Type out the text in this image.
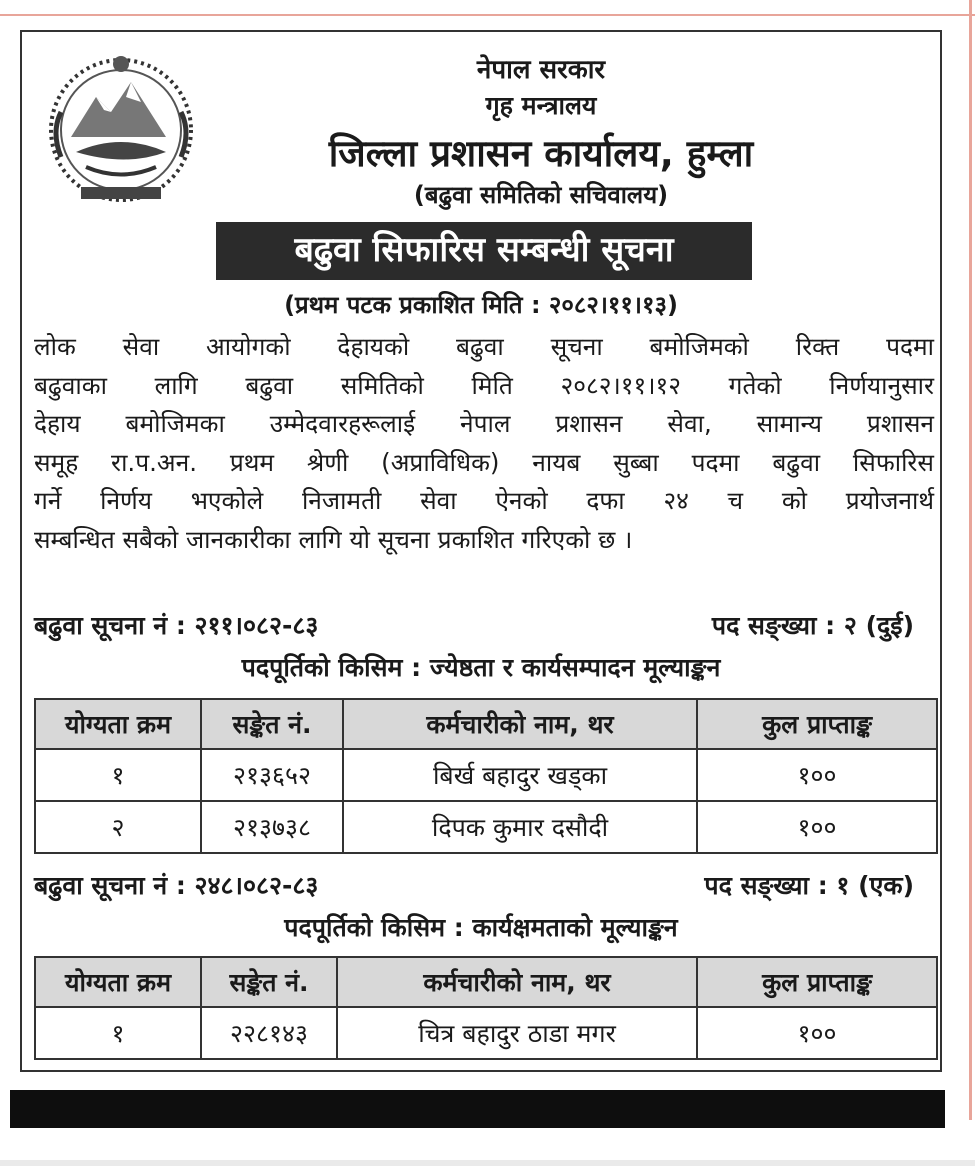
नेपाल सरकार
गृह मन्त्रालय
जिल्ला प्रशासन कार्यालय, हुम्ला
(बढुवा समितिको सचिवालय)
बढुवा सिफारिस सम्बन्धी सूचना
(प्रथम पटक प्रकाशित मिति : २०८२।११।१३)
लोक सेवा आयोगको देहायको बढुवा सूचना बमोजिमको रिक्त पदमा
बढुवाका लागि बढुवा समितिको मिति २०८२।११।१२ गतेको निर्णयानुसार
देहाय बमोजिमका उम्मेदवारहरूलाई नेपाल प्रशासन सेवा, सामान्य प्रशासन
समूह रा.प.अन. प्रथम श्रेणी (अप्राविधिक) नायब सुब्बा पदमा बढुवा सिफारिस
गर्ने निर्णय भएकोले निजामती सेवा ऐनको दफा २४ च को प्रयोजनार्थ
सम्बन्धित सबैको जानकारीका लागि यो सूचना प्रकाशित गरिएको छ ।
बढुवा सूचना नं : २११।०८२-८३	पद सङ्ख्या : २ (दुई)
पदपूर्तिको किसिम : ज्येष्ठता र कार्यसम्पादन मूल्याङ्कन
योग्यता क्रम	सङ्केत नं.	कर्मचारीको नाम, थर	कुल प्राप्ताङ्क
१	२१३६५२	बिर्ख बहादुर खड्का	१००
२	२१३७३८	दिपक कुमार दसौदी	१००
बढुवा सूचना नं : २४८।०८२-८३	पद सङ्ख्या : १ (एक)
पदपूर्तिको किसिम : कार्यक्षमताको मूल्याङ्कन
योग्यता क्रम	सङ्केत नं.	कर्मचारीको नाम, थर	कुल प्राप्ताङ्क
१	२२८१४३	चित्र बहादुर ठाडा मगर	१००
